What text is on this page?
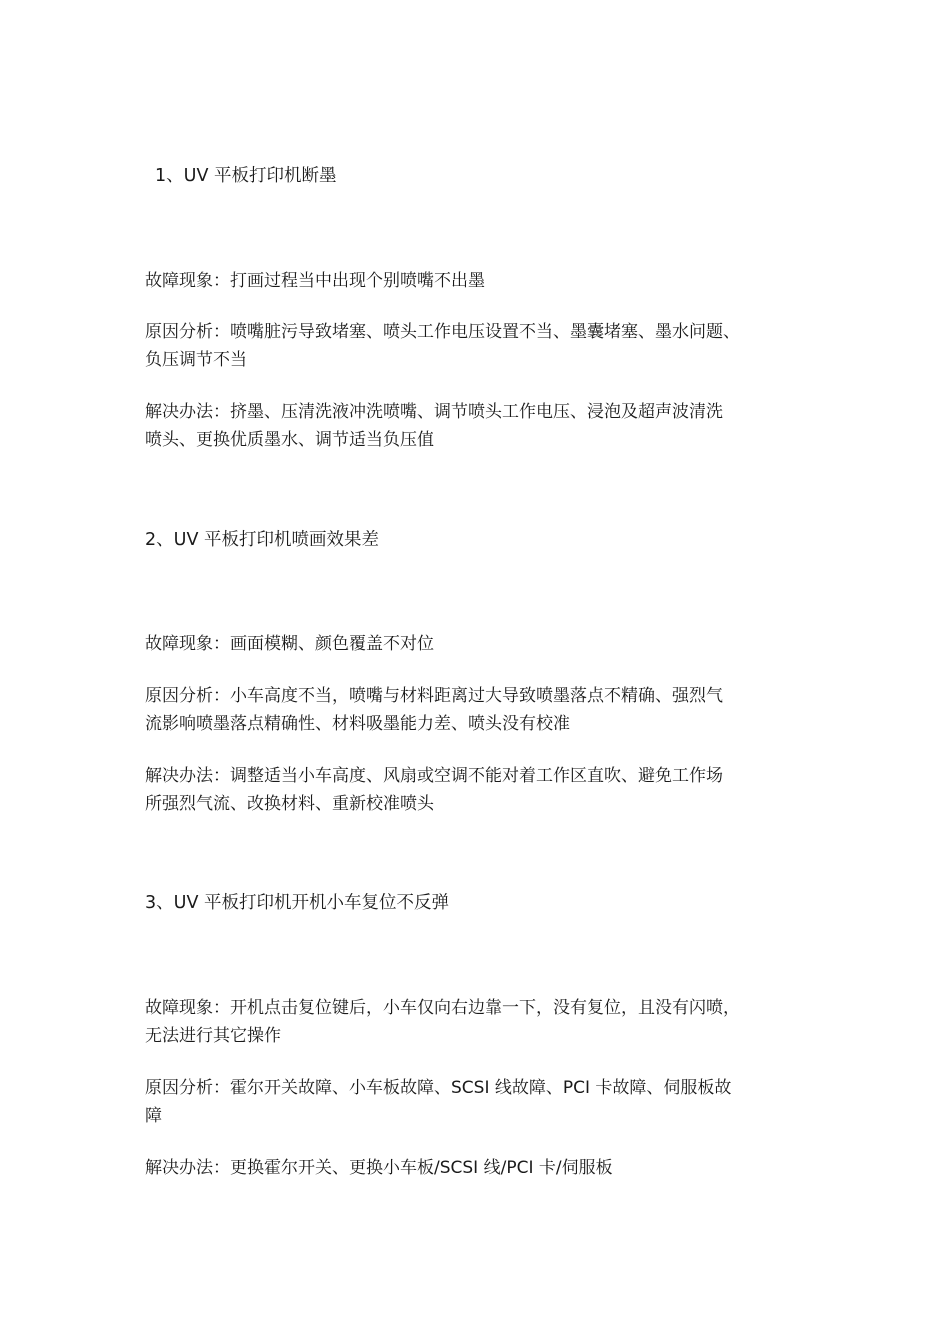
1、UV 平板打印机断墨

故障现象：打画过程当中出现个别喷嘴不出墨

原因分析：喷嘴脏污导致堵塞、喷头工作电压设置不当、墨囊堵塞、墨水问题、

负压调节不当

解决办法：挤墨、压清洗液冲洗喷嘴、调节喷头工作电压、浸泡及超声波清洗

喷头、更换优质墨水、调节适当负压值

2、UV 平板打印机喷画效果差

故障现象：画面模糊、颜色覆盖不对位

原因分析：小车高度不当，喷嘴与材料距离过大导致喷墨落点不精确、强烈气

流影响喷墨落点精确性、材料吸墨能力差、喷头没有校准

解决办法：调整适当小车高度、风扇或空调不能对着工作区直吹、避免工作场

所强烈气流、改换材料、重新校准喷头

3、UV 平板打印机开机小车复位不反弹

故障现象：开机点击复位键后，小车仅向右边靠一下，没有复位，且没有闪喷，

无法进行其它操作

原因分析：霍尔开关故障、小车板故障、SCSI 线故障、PCI 卡故障、伺服板故

障

解决办法：更换霍尔开关、更换小车板/SCSI 线/PCI 卡/伺服板
